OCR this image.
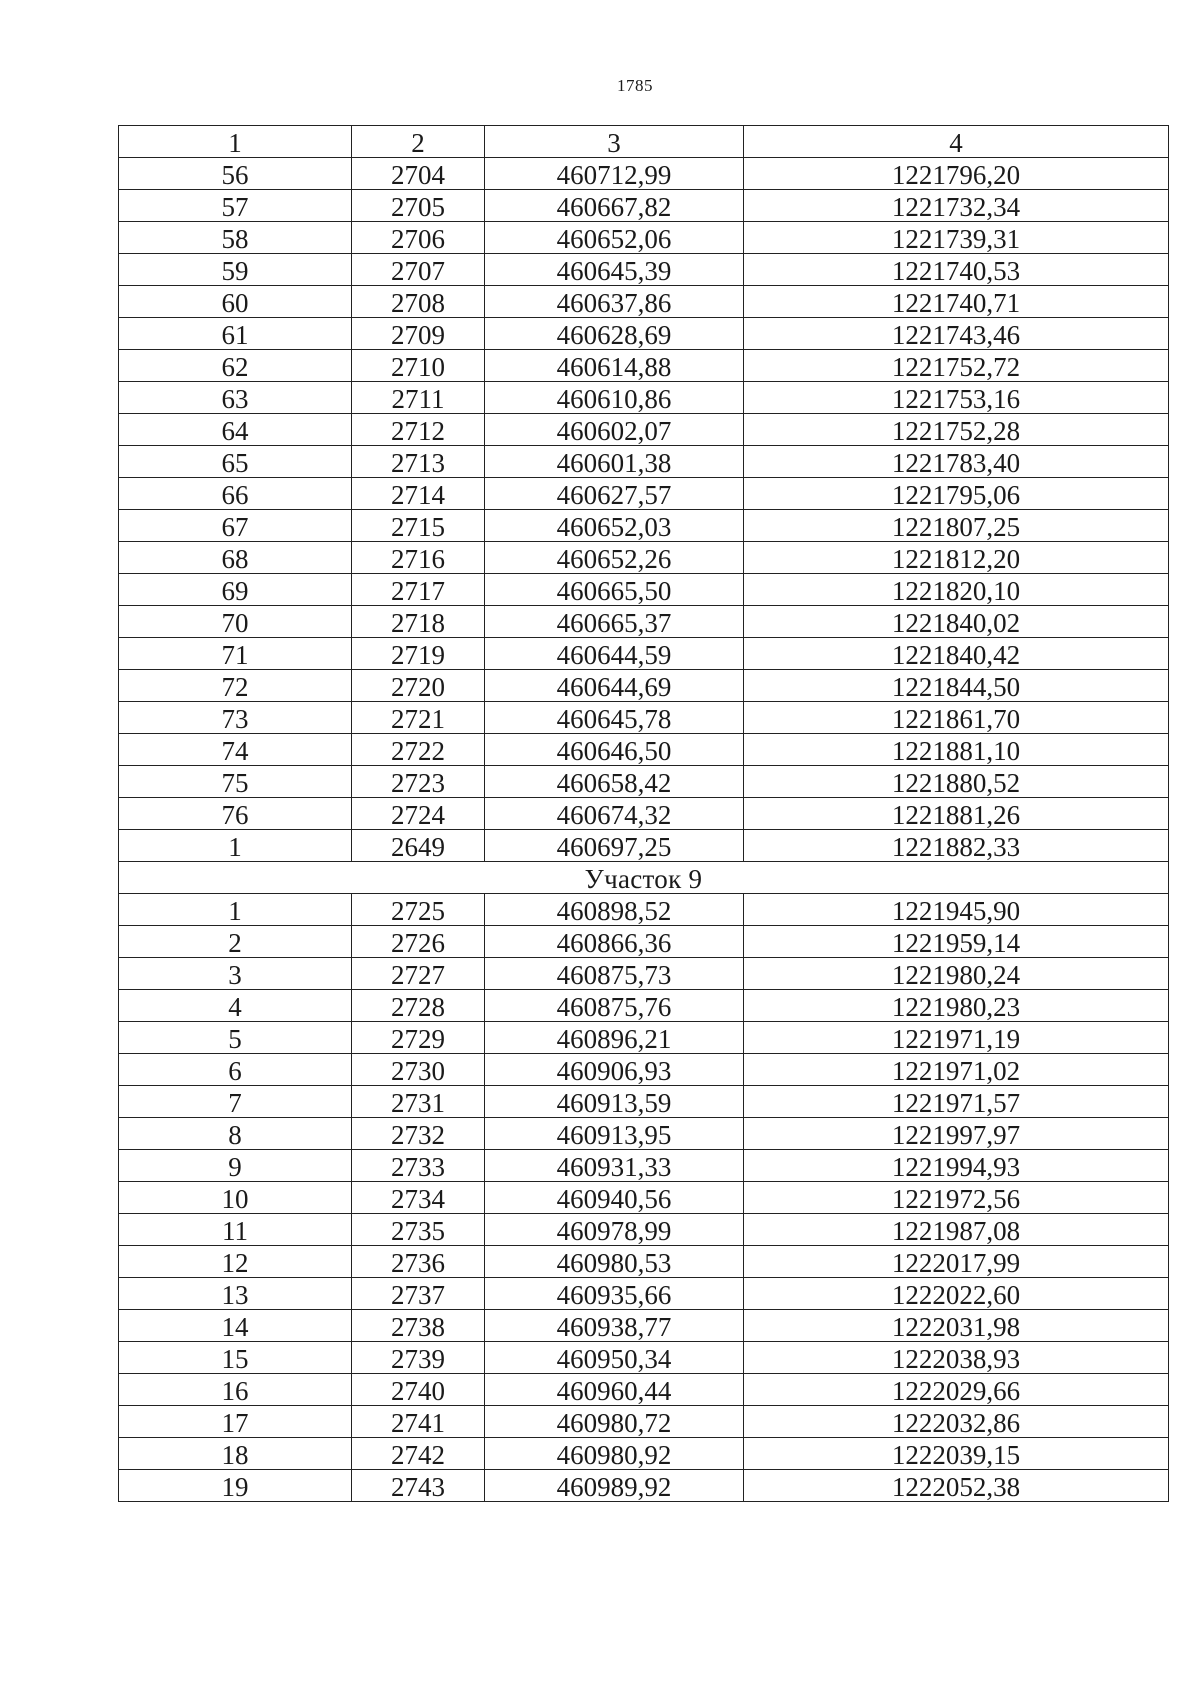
1785
1	2	3	4
56	2704	460712,99	1221796,20
57	2705	460667,82	1221732,34
58	2706	460652,06	1221739,31
59	2707	460645,39	1221740,53
60	2708	460637,86	1221740,71
61	2709	460628,69	1221743,46
62	2710	460614,88	1221752,72
63	2711	460610,86	1221753,16
64	2712	460602,07	1221752,28
65	2713	460601,38	1221783,40
66	2714	460627,57	1221795,06
67	2715	460652,03	1221807,25
68	2716	460652,26	1221812,20
69	2717	460665,50	1221820,10
70	2718	460665,37	1221840,02
71	2719	460644,59	1221840,42
72	2720	460644,69	1221844,50
73	2721	460645,78	1221861,70
74	2722	460646,50	1221881,10
75	2723	460658,42	1221880,52
76	2724	460674,32	1221881,26
1	2649	460697,25	1221882,33
Участок 9			
1	2725	460898,52	1221945,90
2	2726	460866,36	1221959,14
3	2727	460875,73	1221980,24
4	2728	460875,76	1221980,23
5	2729	460896,21	1221971,19
6	2730	460906,93	1221971,02
7	2731	460913,59	1221971,57
8	2732	460913,95	1221997,97
9	2733	460931,33	1221994,93
10	2734	460940,56	1221972,56
11	2735	460978,99	1221987,08
12	2736	460980,53	1222017,99
13	2737	460935,66	1222022,60
14	2738	460938,77	1222031,98
15	2739	460950,34	1222038,93
16	2740	460960,44	1222029,66
17	2741	460980,72	1222032,86
18	2742	460980,92	1222039,15
19	2743	460989,92	1222052,38
